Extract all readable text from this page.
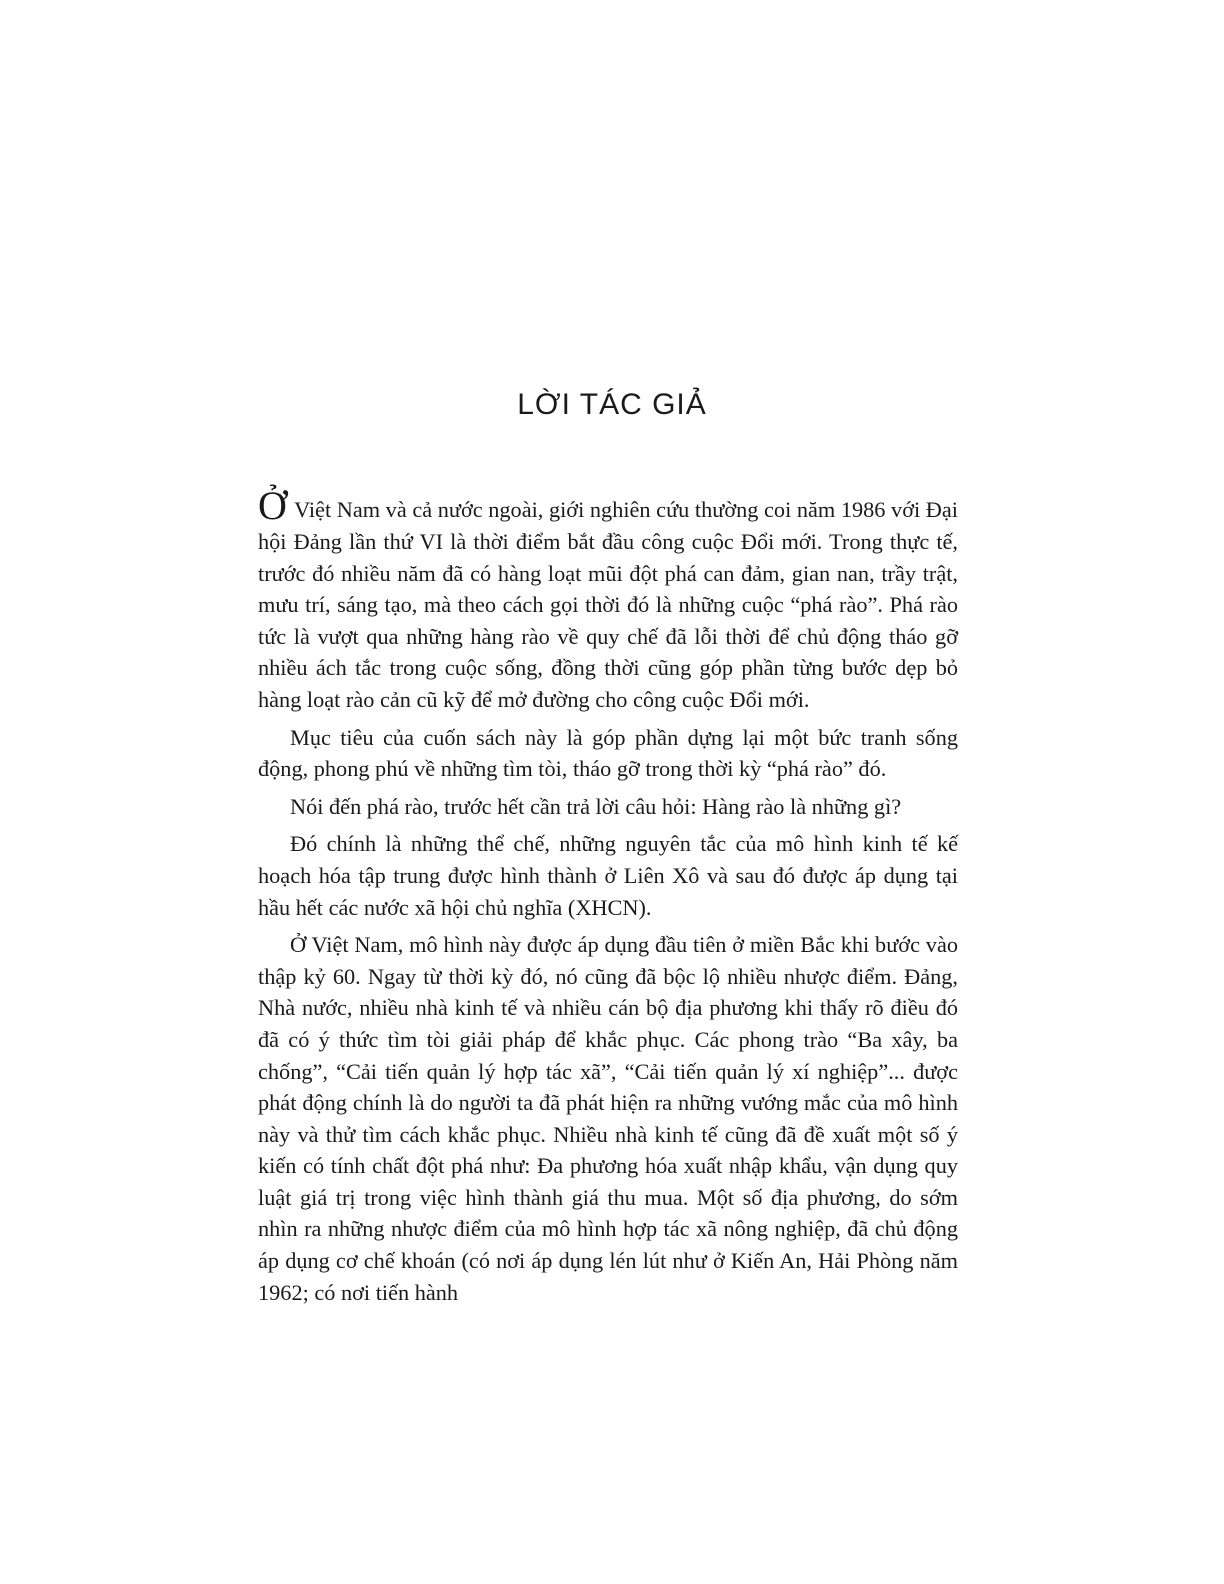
LỜI TÁC GIẢ

Ở Việt Nam và cả nước ngoài, giới nghiên cứu thường coi năm 1986 với Đại hội Đảng lần thứ VI là thời điểm bắt đầu công cuộc Đổi mới. Trong thực tế, trước đó nhiều năm đã có hàng loạt mũi đột phá can đảm, gian nan, trầy trật, mưu trí, sáng tạo, mà theo cách gọi thời đó là những cuộc “phá rào”. Phá rào tức là vượt qua những hàng rào về quy chế đã lỗi thời để chủ động tháo gỡ nhiều ách tắc trong cuộc sống, đồng thời cũng góp phần từng bước dẹp bỏ hàng loạt rào cản cũ kỹ để mở đường cho công cuộc Đổi mới.

Mục tiêu của cuốn sách này là góp phần dựng lại một bức tranh sống động, phong phú về những tìm tòi, tháo gỡ trong thời kỳ “phá rào” đó.

Nói đến phá rào, trước hết cần trả lời câu hỏi: Hàng rào là những gì?

Đó chính là những thể chế, những nguyên tắc của mô hình kinh tế kế hoạch hóa tập trung được hình thành ở Liên Xô và sau đó được áp dụng tại hầu hết các nước xã hội chủ nghĩa (XHCN).

Ở Việt Nam, mô hình này được áp dụng đầu tiên ở miền Bắc khi bước vào thập kỷ 60. Ngay từ thời kỳ đó, nó cũng đã bộc lộ nhiều nhược điểm. Đảng, Nhà nước, nhiều nhà kinh tế và nhiều cán bộ địa phương khi thấy rõ điều đó đã có ý thức tìm tòi giải pháp để khắc phục. Các phong trào “Ba xây, ba chống”, “Cải tiến quản lý hợp tác xã”, “Cải tiến quản lý xí nghiệp”... được phát động chính là do người ta đã phát hiện ra những vướng mắc của mô hình này và thử tìm cách khắc phục. Nhiều nhà kinh tế cũng đã đề xuất một số ý kiến có tính chất đột phá như: Đa phương hóa xuất nhập khẩu, vận dụng quy luật giá trị trong việc hình thành giá thu mua. Một số địa phương, do sớm nhìn ra những nhược điểm của mô hình hợp tác xã nông nghiệp, đã chủ động áp dụng cơ chế khoán (có nơi áp dụng lén lút như ở Kiến An, Hải Phòng năm 1962; có nơi tiến hành
